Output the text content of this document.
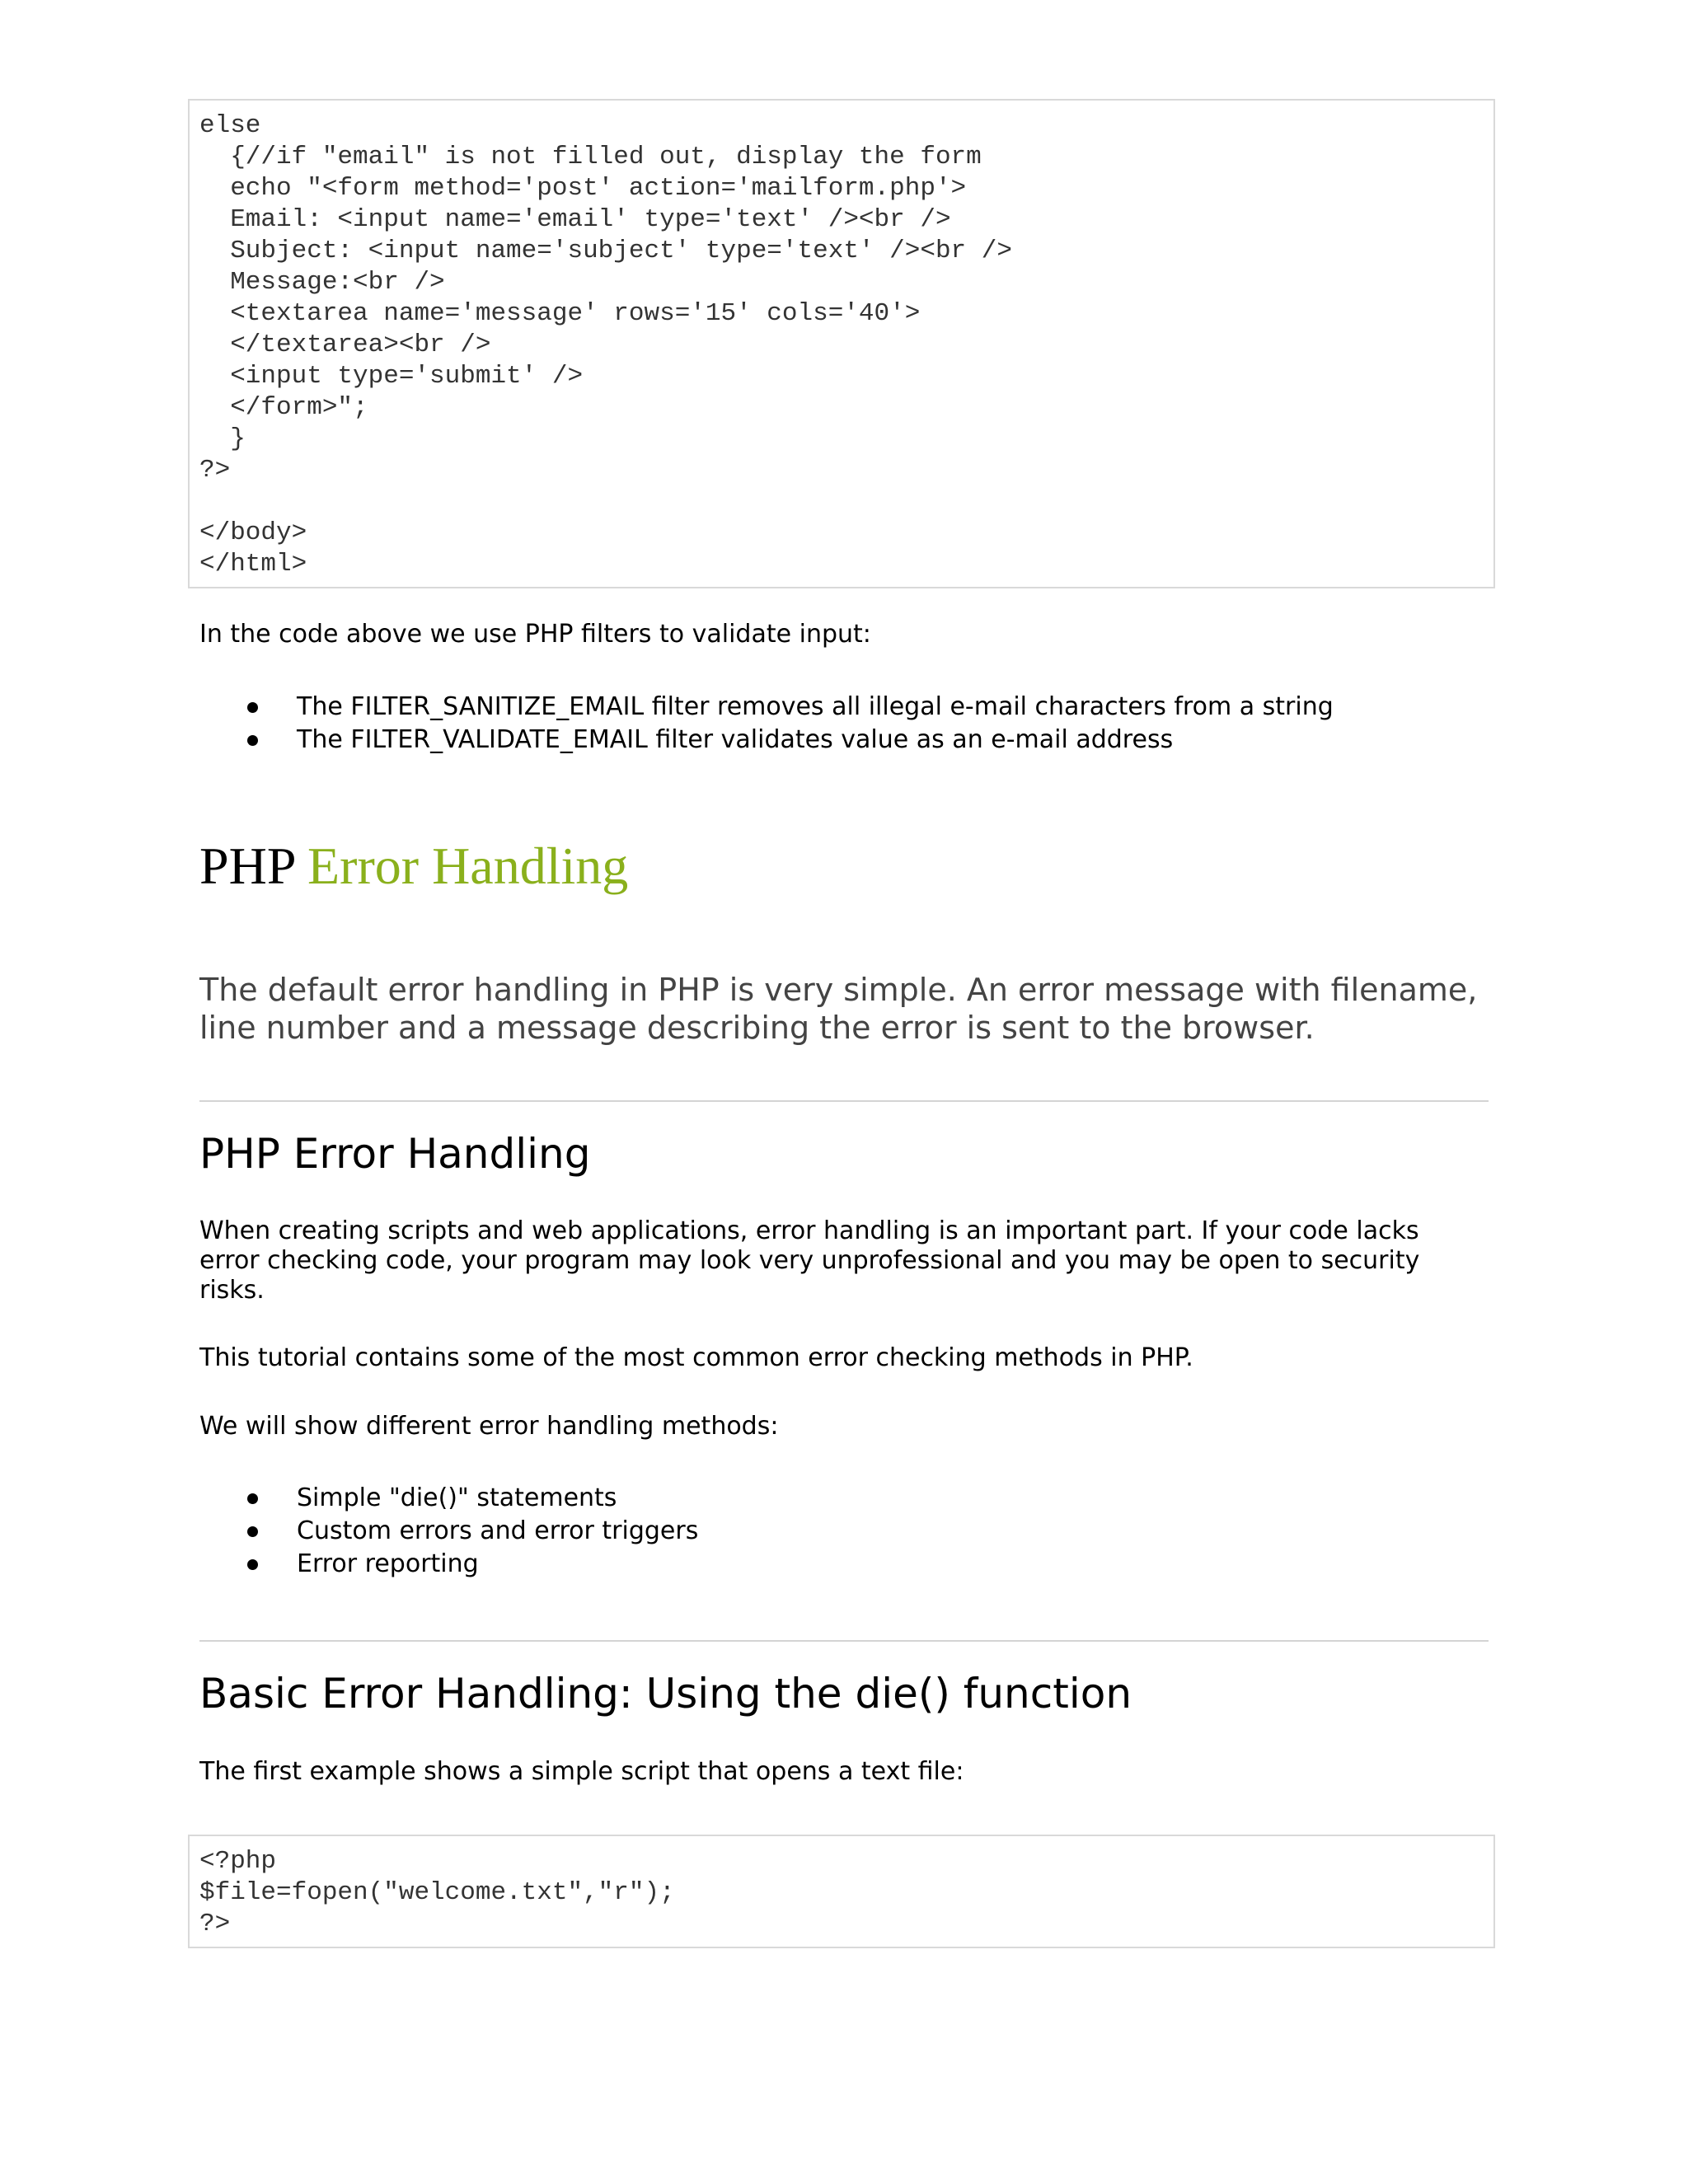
else
{//if "email" is not filled out, display the form
echo "<form method='post' action='mailform.php'>
Email: <input name='email' type='text' /><br />
Subject: <input name='subject' type='text' /><br />
Message:<br />
<textarea name='message' rows='15' cols='40'>
</textarea><br />
<input type='submit' />
</form>";
}
?>

</body>
</html>

In the code above we use PHP filters to validate input:

The FILTER_SANITIZE_EMAIL filter removes all illegal e-mail characters from a string
The FILTER_VALIDATE_EMAIL filter validates value as an e-mail address
PHP Error Handling

The default error handling in PHP is very simple. An error message with filename, line number and a message describing the error is sent to the browser.

PHP Error Handling

When creating scripts and web applications, error handling is an important part. If your code lacks error checking code, your program may look very unprofessional and you may be open to security risks.

This tutorial contains some of the most common error checking methods in PHP.

We will show different error handling methods:

Simple "die()" statements
Custom errors and error triggers
Error reporting
Basic Error Handling: Using the die() function

The first example shows a simple script that opens a text file:

<?php
$file=fopen("welcome.txt","r");
?>
